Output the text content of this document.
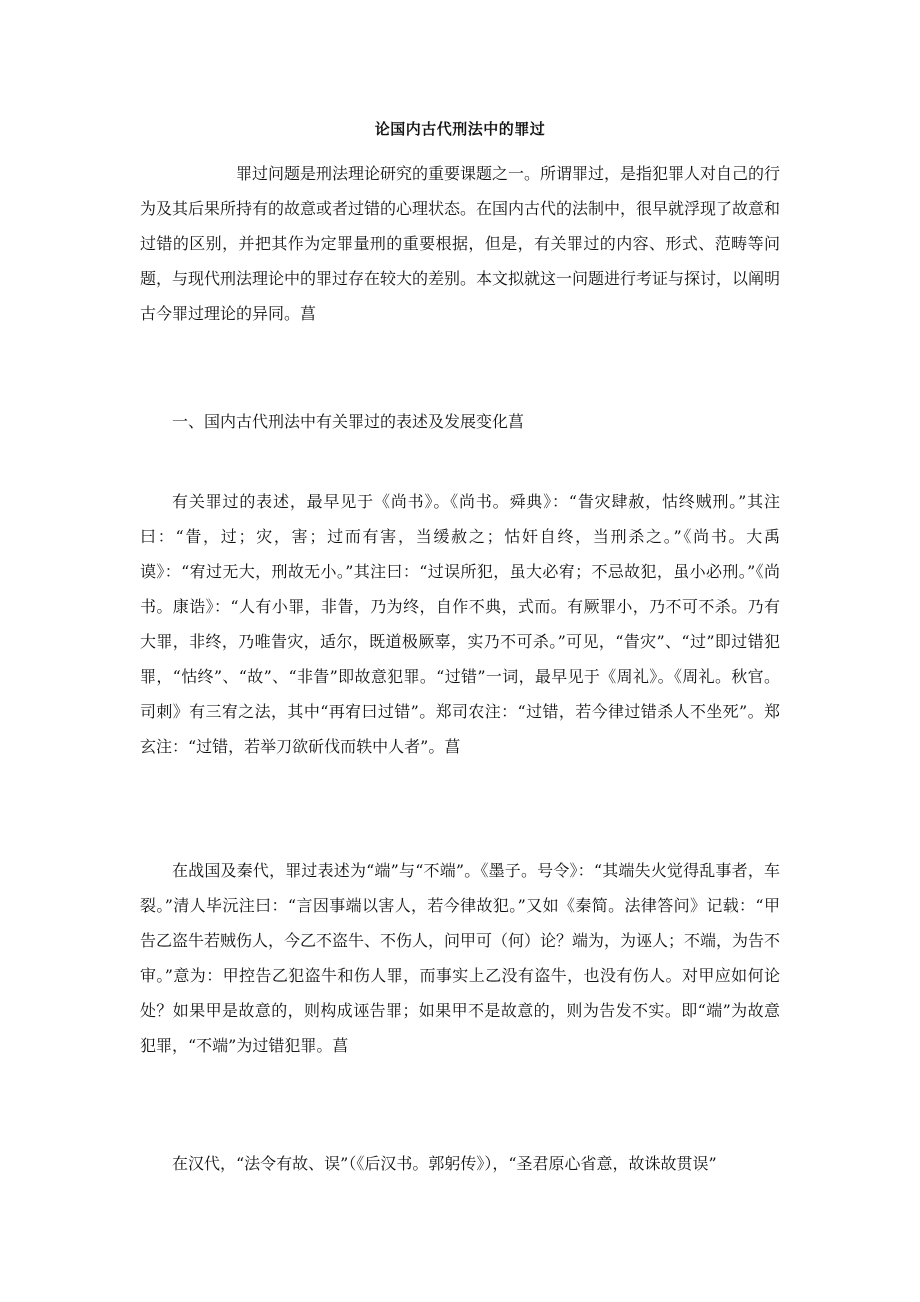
论国内古代刑法中的罪过

罪过问题是刑法理论研究的重要课题之一。所谓罪过，是指犯罪人对自己的行为及其后果所持有的故意或者过错的心理状态。在国内古代的法制中，很早就浮现了故意和过错的区别，并把其作为定罪量刑的重要根据，但是，有关罪过的内容、形式、范畴等问题，与现代刑法理论中的罪过存在较大的差别。本文拟就这一问题进行考证与探讨，以阐明古今罪过理论的异同。菖

一、国内古代刑法中有关罪过的表述及发展变化菖

有关罪过的表述，最早见于《尚书》。《尚书。舜典》：“眚灾肆赦，怙终贼刑。”其注曰：“眚，过；灾，害；过而有害，当缓赦之；怙奸自终，当刑杀之。”《尚书。大禹谟》：“宥过无大，刑故无小。”其注曰：“过误所犯，虽大必宥；不忌故犯，虽小必刑。”《尚书。康诰》：“人有小罪，非眚，乃为终，自作不典，式而。有厥罪小，乃不可不杀。乃有大罪，非终，乃唯眚灾，适尔，既道极厥辜，实乃不可杀。”可见，“眚灾”、“过”即过错犯罪，“怙终”、“故”、“非眚”即故意犯罪。“过错”一词，最早见于《周礼》。《周礼。秋官。司刺》有三宥之法，其中“再宥曰过错”。郑司农注：“过错，若今律过错杀人不坐死”。郑玄注：“过错，若举刀欲斫伐而轶中人者”。菖

在战国及秦代，罪过表述为“端”与“不端”。《墨子。号令》：“其端失火觉得乱事者，车裂。”清人毕沅注曰：“言因事端以害人，若今律故犯。”又如《秦简。法律答问》记载：“甲告乙盗牛若贼伤人，今乙不盗牛、不伤人，问甲可（何）论？端为，为诬人；不端，为告不审。”意为：甲控告乙犯盗牛和伤人罪，而事实上乙没有盗牛，也没有伤人。对甲应如何论处？如果甲是故意的，则构成诬告罪；如果甲不是故意的，则为告发不实。即“端”为故意犯罪，“不端”为过错犯罪。菖

在汉代，“法令有故、误”（《后汉书。郭躬传》），“圣君原心省意，故诛故贯误”
